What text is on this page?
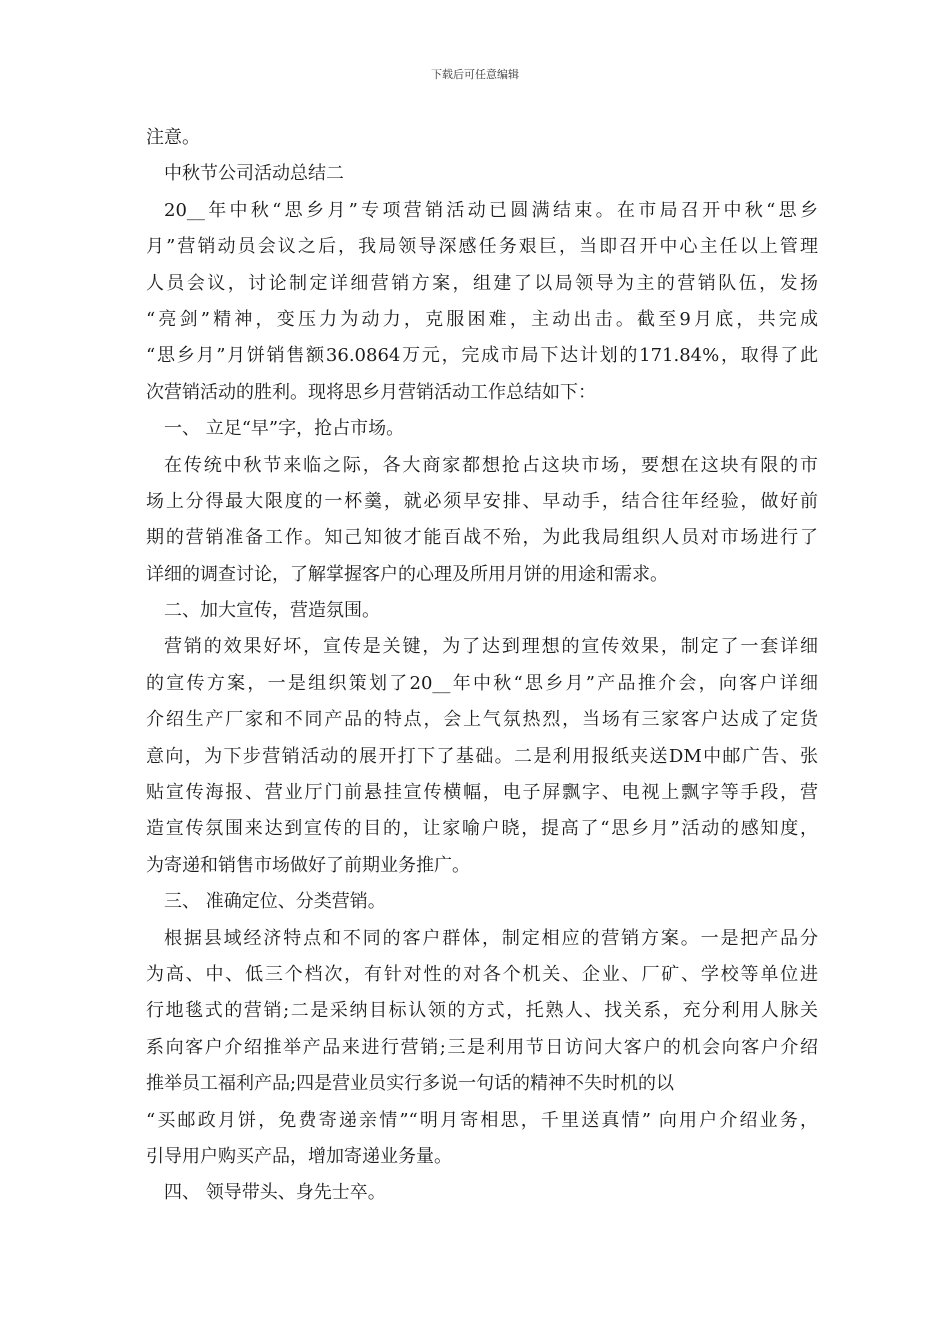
下载后可任意编辑
注意。
中秋节公司活动总结二
20__年中秋“思乡月”专项营销活动已圆满结束。在市局召开中秋“思乡
月”营销动员会议之后，我局领导深感任务艰巨，当即召开中心主任以上管理
人员会议，讨论制定详细营销方案，组建了以局领导为主的营销队伍，发扬
“亮剑”精神，变压力为动力，克服困难，主动出击。截至9月底，共完成
“思乡月”月饼销售额36.0864万元，完成市局下达计划的171.84%，取得了此
次营销活动的胜利。现将思乡月营销活动工作总结如下：
一、 立足“早”字，抢占市场。
在传统中秋节来临之际，各大商家都想抢占这块市场，要想在这块有限的市
场上分得最大限度的一杯羹，就必须早安排、早动手，结合往年经验，做好前
期的营销准备工作。知己知彼才能百战不殆，为此我局组织人员对市场进行了
详细的调查讨论，了解掌握客户的心理及所用月饼的用途和需求。
二、加大宣传，营造氛围。
营销的效果好坏，宣传是关键，为了达到理想的宣传效果，制定了一套详细
的宣传方案，一是组织策划了20__年中秋“思乡月”产品推介会，向客户详细
介绍生产厂家和不同产品的特点，会上气氛热烈，当场有三家客户达成了定货
意向，为下步营销活动的展开打下了基础。二是利用报纸夹送DM中邮广告、张
贴宣传海报、营业厅门前悬挂宣传横幅，电子屏飘字、电视上飘字等手段，营
造宣传氛围来达到宣传的目的，让家喻户晓，提高了“思乡月”活动的感知度，
为寄递和销售市场做好了前期业务推广。
三、 准确定位、分类营销。
根据县域经济特点和不同的客户群体，制定相应的营销方案。一是把产品分
为高、中、低三个档次，有针对性的对各个机关、企业、厂矿、学校等单位进
行地毯式的营销;二是采纳目标认领的方式，托熟人、找关系，充分利用人脉关
系向客户介绍推举产品来进行营销;三是利用节日访问大客户的机会向客户介绍
推举员工福利产品;四是营业员实行多说一句话的精神不失时机的以
“买邮政月饼，免费寄递亲情”“明月寄相思，千里送真情” 向用户介绍业务，
引导用户购买产品，增加寄递业务量。
四、 领导带头、身先士卒。
